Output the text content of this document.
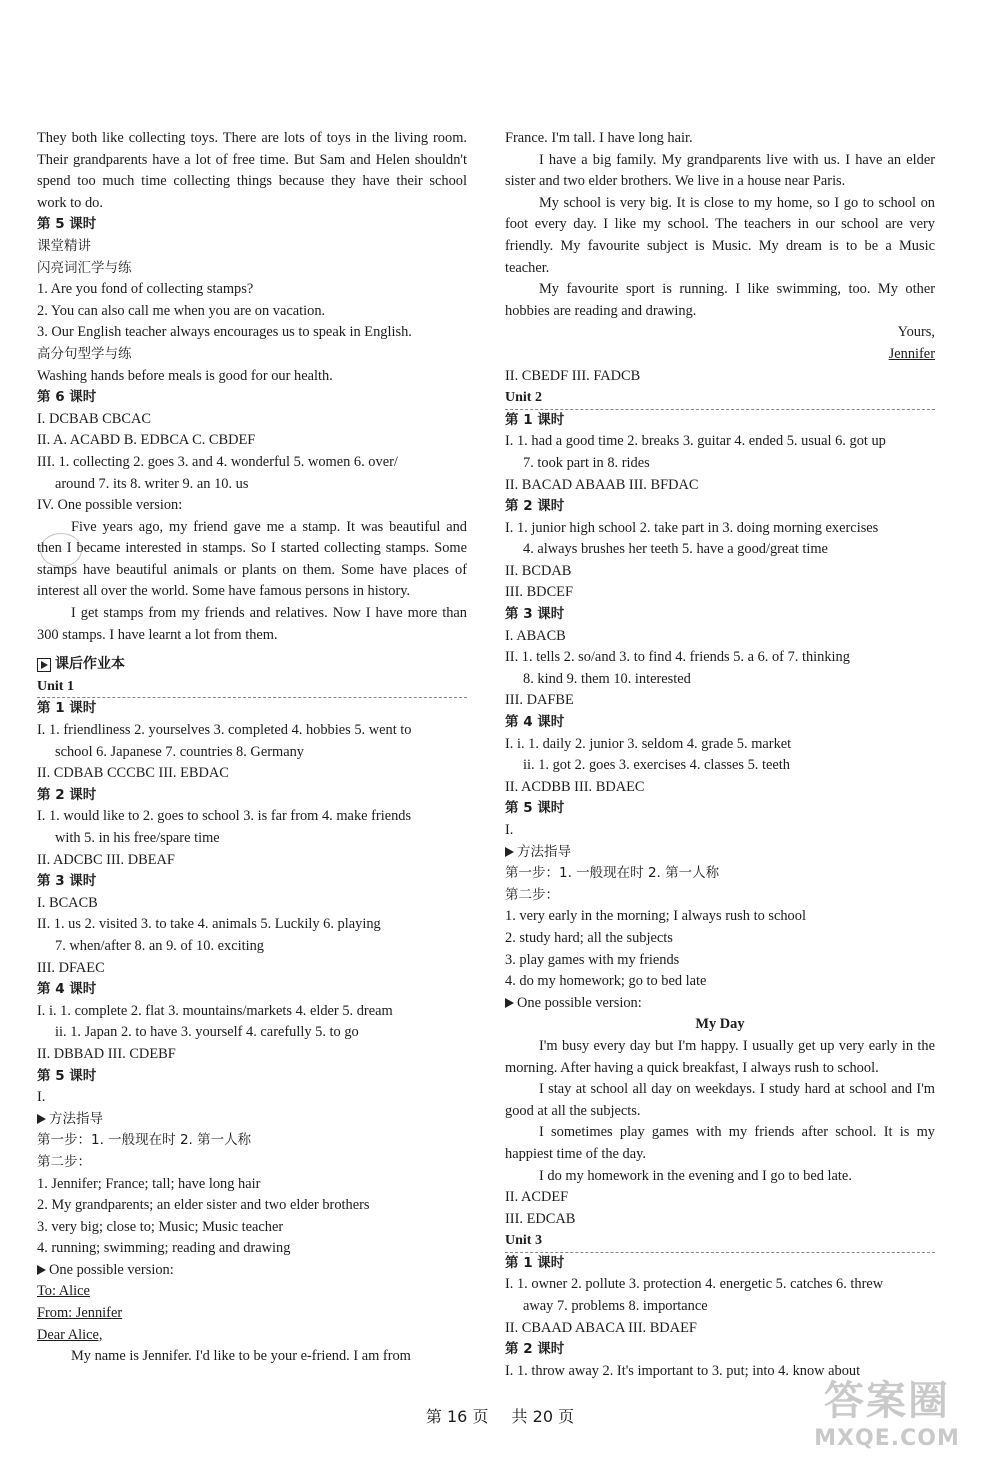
They both like collecting toys. There are lots of toys in the living room. Their grandparents have a lot of free time. But Sam and Helen shouldn't spend too much time collecting things because they have their school work to do.
第 5 课时
课堂精讲
闪亮词汇学与练
1. Are you fond of collecting stamps?
2. You can also call me when you are on vacation.
3. Our English teacher always encourages us to speak in English.
高分句型学与练
Washing hands before meals is good for our health.
第 6 课时
I. DCBAB CBCAC
II. A. ACABD B. EDBCA C. CBDEF
III. 1. collecting 2. goes 3. and 4. wonderful 5. women 6. over/
around 7. its 8. writer 9. an 10. us
IV. One possible version:
Five years ago, my friend gave me a stamp. It was beautiful and then I became interested in stamps. So I started collecting stamps. Some stamps have beautiful animals or plants on them. Some have places of interest all over the world. Some have famous persons in history.
I get stamps from my friends and relatives. Now I have more than 300 stamps. I have learnt a lot from them.
课后作业本
Unit 1
第 1 课时
I. 1. friendliness 2. yourselves 3. completed 4. hobbies 5. went to
school 6. Japanese 7. countries 8. Germany
II. CDBAB CCCBC III. EBDAC
第 2 课时
I. 1. would like to 2. goes to school 3. is far from 4. make friends
with 5. in his free/spare time
II. ADCBC III. DBEAF
第 3 课时
I. BCACB
II. 1. us 2. visited 3. to take 4. animals 5. Luckily 6. playing
7. when/after 8. an 9. of 10. exciting
III. DFAEC
第 4 课时
I. i. 1. complete 2. flat 3. mountains/markets 4. elder 5. dream
ii. 1. Japan 2. to have 3. yourself 4. carefully 5. to go
II. DBBAD III. CDEBF
第 5 课时
I.
方法指导
第一步：1. 一般现在时 2. 第一人称
第二步：
1. Jennifer; France; tall; have long hair
2. My grandparents; an elder sister and two elder brothers
3. very big; close to; Music; Music teacher
4. running; swimming; reading and drawing
One possible version:
To: Alice
From: Jennifer
Dear Alice,
My name is Jennifer. I'd like to be your e-friend. I am from
France. I'm tall. I have long hair.
I have a big family. My grandparents live with us. I have an elder sister and two elder brothers. We live in a house near Paris.
My school is very big. It is close to my home, so I go to school on foot every day. I like my school. The teachers in our school are very friendly. My favourite subject is Music. My dream is to be a Music teacher.
My favourite sport is running. I like swimming, too. My other hobbies are reading and drawing.
Yours,
Jennifer
II. CBEDF III. FADCB
Unit 2
第 1 课时
I. 1. had a good time 2. breaks 3. guitar 4. ended 5. usual 6. got up
7. took part in 8. rides
II. BACAD ABAAB III. BFDAC
第 2 课时
I. 1. junior high school 2. take part in 3. doing morning exercises
4. always brushes her teeth 5. have a good/great time
II. BCDAB
III. BDCEF
第 3 课时
I. ABACB
II. 1. tells 2. so/and 3. to find 4. friends 5. a 6. of 7. thinking
8. kind 9. them 10. interested
III. DAFBE
第 4 课时
I. i. 1. daily 2. junior 3. seldom 4. grade 5. market
ii. 1. got 2. goes 3. exercises 4. classes 5. teeth
II. ACDBB III. BDAEC
第 5 课时
I.
方法指导
第一步：1. 一般现在时 2. 第一人称
第二步：
1. very early in the morning; I always rush to school
2. study hard; all the subjects
3. play games with my friends
4. do my homework; go to bed late
One possible version:
My Day
I'm busy every day but I'm happy. I usually get up very early in the morning. After having a quick breakfast, I always rush to school.
I stay at school all day on weekdays. I study hard at school and I'm good at all the subjects.
I sometimes play games with my friends after school. It is my happiest time of the day.
I do my homework in the evening and I go to bed late.
II. ACDEF
III. EDCAB
Unit 3
第 1 课时
I. 1. owner 2. pollute 3. protection 4. energetic 5. catches 6. threw
away 7. problems 8. importance
II. CBAAD ABACA III. BDAEF
第 2 课时
I. 1. throw away 2. It's important to 3. put; into 4. know about
第 16 页 共 20 页	答案圈
MXQE.COM
